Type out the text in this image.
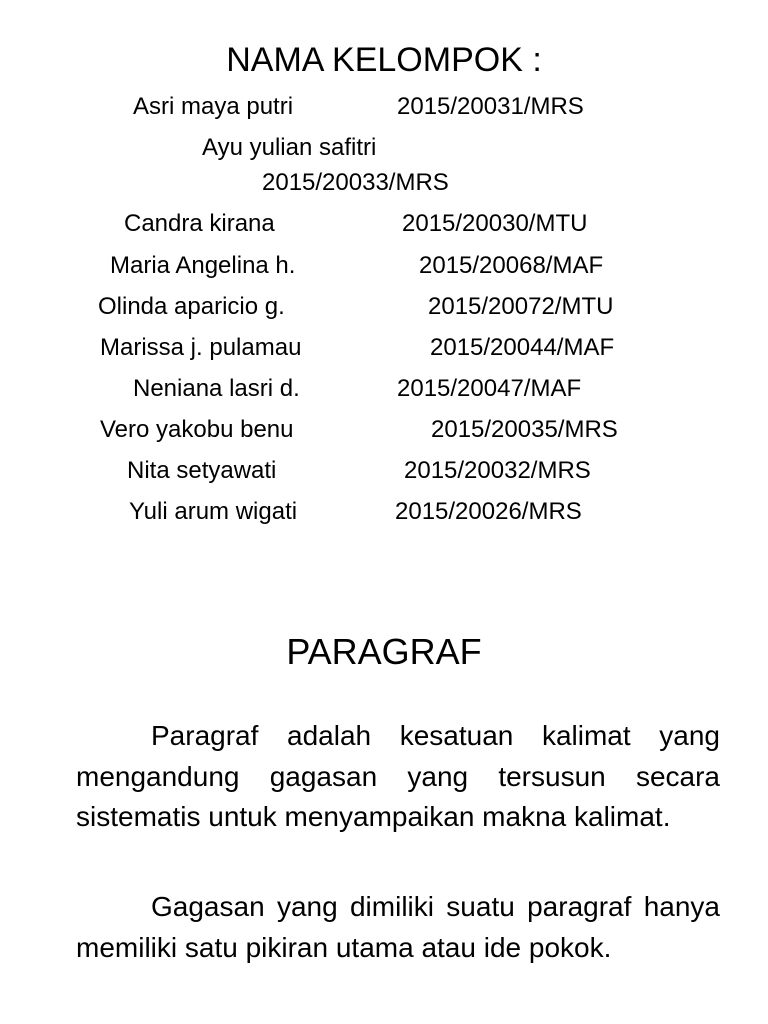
NAMA KELOMPOK :
Asri maya putri	2015/20031/MRS
Ayu yulian safitri
2015/20033/MRS
Candra kirana	2015/20030/MTU
Maria Angelina h.	2015/20068/MAF
Olinda aparicio g.	2015/20072/MTU
Marissa j. pulamau	2015/20044/MAF
Neniana lasri d.	2015/20047/MAF
Vero yakobu benu	2015/20035/MRS
Nita setyawati	2015/20032/MRS
Yuli arum wigati	2015/20026/MRS
PARAGRAF

Paragraf adalah kesatuan kalimat yang mengandung gagasan yang tersusun secara sistematis untuk menyampaikan makna kalimat.

Gagasan yang dimiliki suatu paragraf hanya memiliki satu pikiran utama atau ide pokok.
